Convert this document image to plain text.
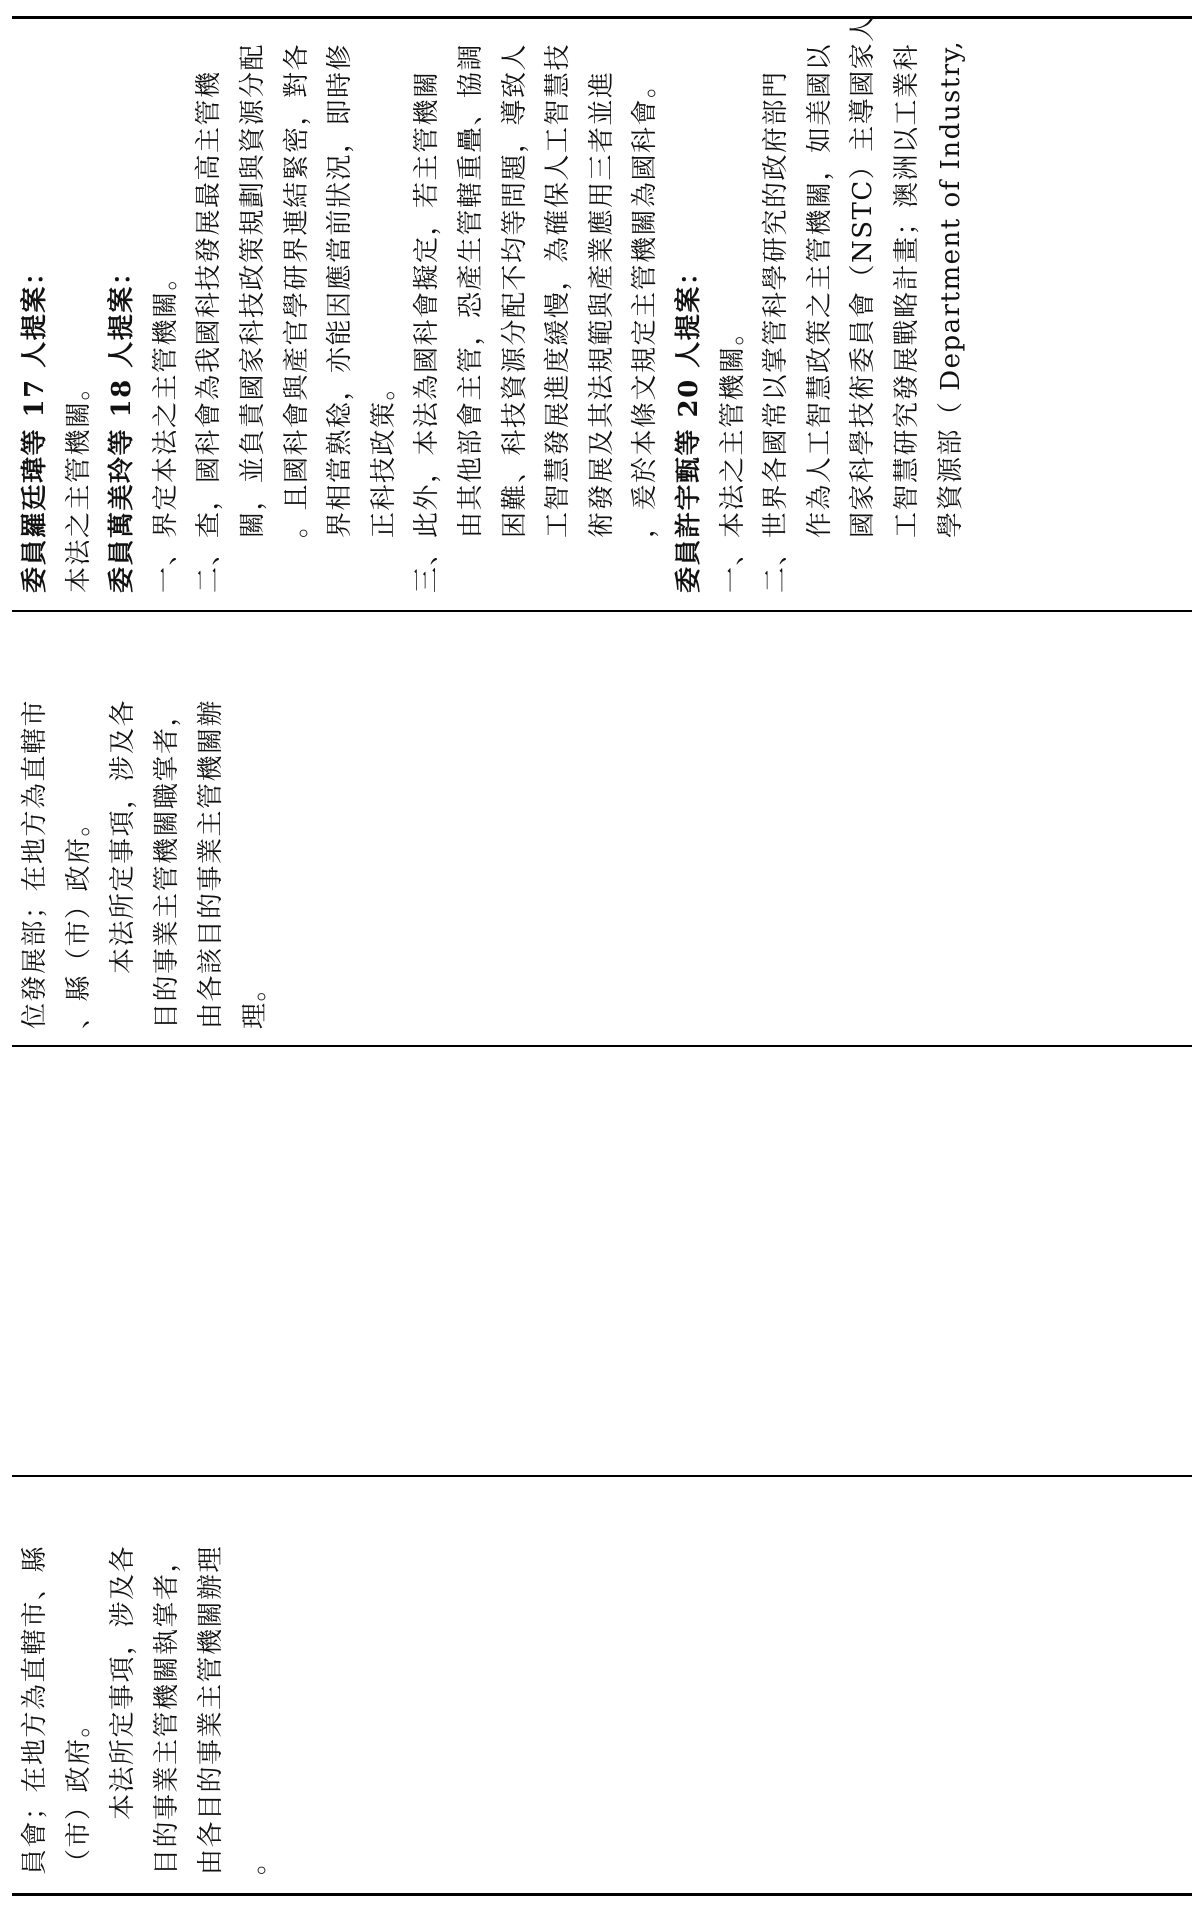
委員羅廷瑋等 17 人提案： 本法之主管機關。 委員萬美玲等 18 人提案： 一、界定本法之主管機關。 二、查，國科會為我國科技發展最高主管機 　　關，並負責國家科技政策規劃與資源分配 　　。且國科會與產官學研界連結緊密，對各 　　界相當熟稔，亦能因應當前狀況，即時修 　　正科技政策。 三、此外，本法為國科會擬定，若主管機關 　　由其他部會主管，恐產生管轄重疊、協調 　　困難、科技資源分配不均等問題，導致人 　　工智慧發展進度緩慢，為確保人工智慧技 　　術發展及其法規範與產業應用三者並進 　　，爰於本條文規定主管機關為國科會。 委員許宇甄等 20 人提案： 一、本法之主管機關。 二、世界各國常以掌管科學研究的政府部門 　　作為人工智慧政策之主管機關，如美國以 　　國家科學技術委員會（NSTC）主導國家人 　　工智慧研究發展戰略計畫；澳洲以工業科 　　學資源部（ Department of Industry,
位發展部；在地方為直轄市 、縣（市）政府。 　　本法所定事項，涉及各 目的事業主管機關職掌者， 由各該目的事業主管機關辦 理。
員會；在地方為直轄市、縣 （市）政府。 　　本法所定事項，涉及各 目的事業主管機關執掌者， 由各目的事業主管機關辦理 。
